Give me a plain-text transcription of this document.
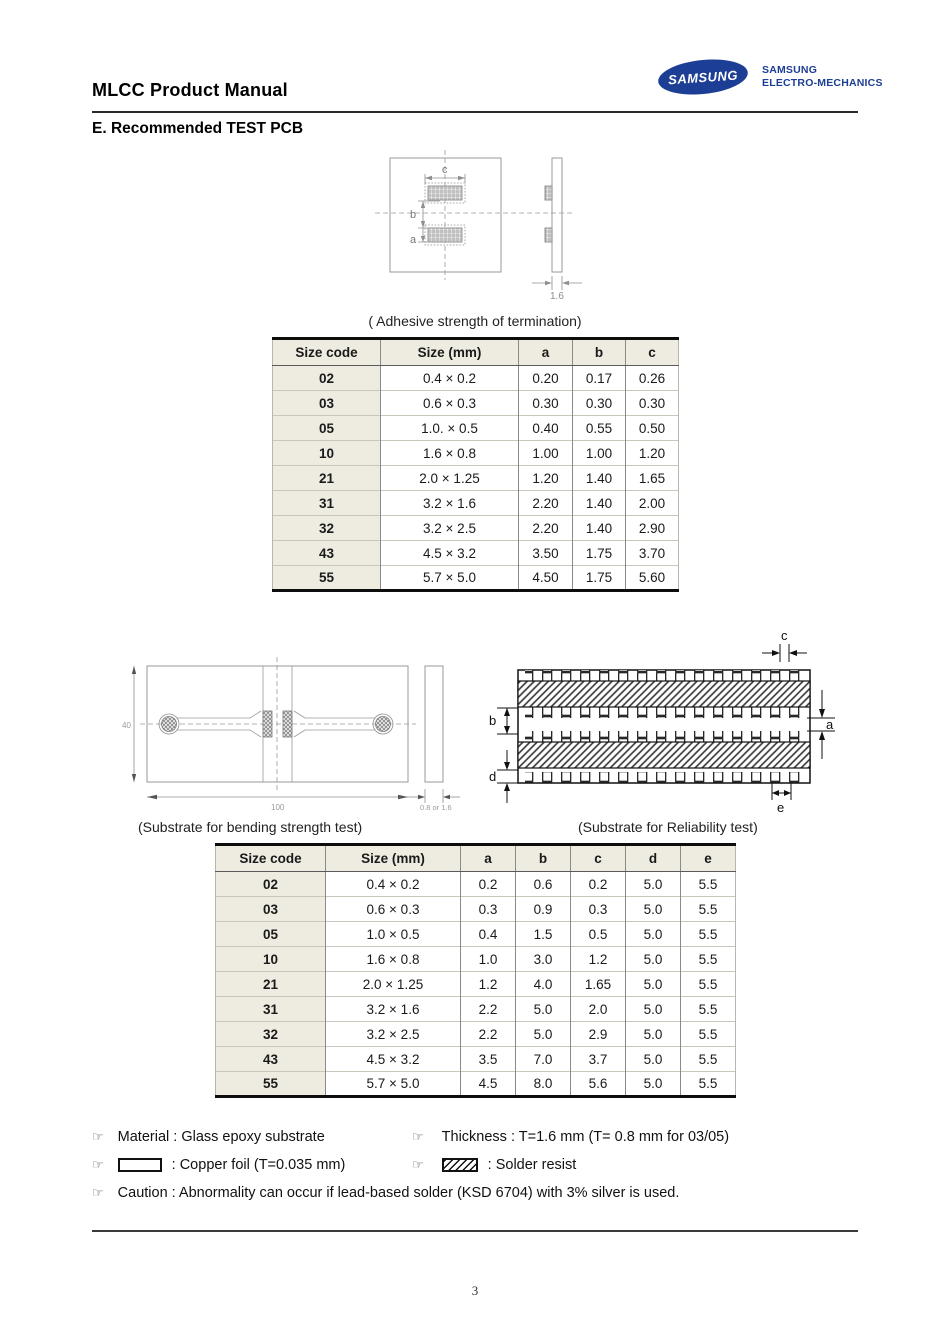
MLCC Product Manual
SAMSUNG SAMSUNG
ELECTRO-MECHANICS
E. Recommended TEST PCB
c
b
a
1.6
( Adhesive strength of termination)
Size code	Size (mm)	a	b	c
02	0.4 × 0.2	0.20	0.17	0.26
03	0.6 × 0.3	0.30	0.30	0.30
05	1.0. × 0.5	0.40	0.55	0.50
10	1.6 × 0.8	1.00	1.00	1.20
21	2.0 × 1.25	1.20	1.40	1.65
31	3.2 × 1.6	2.20	1.40	2.00
32	3.2 × 2.5	2.20	1.40	2.90
43	4.5 × 3.2	3.50	1.75	3.70
55	5.7 × 5.0	4.50	1.75	5.60
40
100	0.8 or 1.6
c
a
b
d
e
(Substrate for bending strength test)	(Substrate for Reliability test)
Size code	Size (mm)	a	b	c	d	e
02	0.4 × 0.2	0.2	0.6	0.2	5.0	5.5
03	0.6 × 0.3	0.3	0.9	0.3	5.0	5.5
05	1.0 × 0.5	0.4	1.5	0.5	5.0	5.5
10	1.6 × 0.8	1.0	3.0	1.2	5.0	5.5
21	2.0 × 1.25	1.2	4.0	1.65	5.0	5.5
31	3.2 × 1.6	2.2	5.0	2.0	5.0	5.5
32	3.2 × 2.5	2.2	5.0	2.9	5.0	5.5
43	4.5 × 3.2	3.5	7.0	3.7	5.0	5.5
55	5.7 × 5.0	4.5	8.0	5.6	5.0	5.5
☞ Material : Glass epoxy substrate	☞ Thickness : T=1.6 mm (T= 0.8 mm for 03/05)
☞	: Copper foil (T=0.035 mm)	☞	: Solder resist
☞ Caution : Abnormality can occur if lead-based solder (KSD 6704) with 3% silver is used.
3
